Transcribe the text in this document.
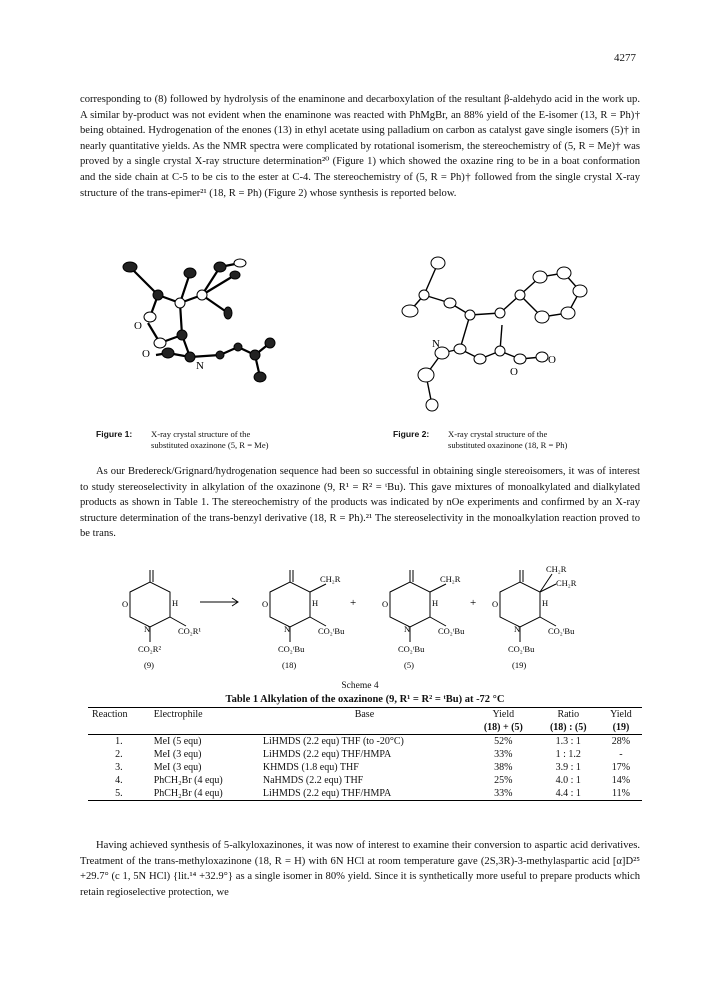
4277

corresponding to (8) followed by hydrolysis of the enaminone and decarboxylation of the resultant β-aldehydo acid in the work up. A similar by-product was not evident when the enaminone was reacted with PhMgBr, an 88% yield of the E-isomer (13, R = Ph)† being obtained. Hydrogenation of the enones (13) in ethyl acetate using palladium on carbon as catalyst gave single isomers (5)† in nearly quantitative yields. As the NMR spectra were complicated by rotational isomerism, the stereochemistry of (5, R = Me)† was proved by a single crystal X-ray structure determination²⁰ (Figure 1) which showed the oxazine ring to be in a boat conformation and the side chain at C-5 to be cis to the ester at C-4. The stereochemistry of (5, R = Ph)† followed from the single crystal X-ray structure of the trans-epimer²¹ (18, R = Ph) (Figure 2) whose synthesis is reported below.

O
O
N
N
O
O
Figure 1: X-ray crystal structure of the
substituted oxazinone (5, R = Me)
Figure 2: X-ray crystal structure of the
substituted oxazinone (18, R = Ph)

As our Bredereck/Grignard/hydrogenation sequence had been so successful in obtaining single stereoisomers, it was of interest to study stereoselectivity in alkylation of the oxazinone (9, R¹ = R² = ᵗBu). This gave mixtures of monoalkylated and dialkylated products as shown in Table 1. The stereochemistry of the products was indicated by nOe experiments and confirmed by an X-ray structure determination of the trans-benzyl derivative (18, R = Ph).²¹ The stereoselectivity in the monoalkylation reaction proved to be trans.

O
N
H
CO₂R¹
CO₂R²
(9)
O
N
H
CH₂R
CO₂ᵗBu
CO₂ᵗBu
(18)
+	O
N
H
CH₂R
CO₂ᵗBu
CO₂ᵗBu
(5)
+ O
N
H
CH₂R
CH₂R
CO₂ᵗBu
CO₂ᵗBu
(19)
Scheme 4
Table 1 Alkylation of the oxazinone (9, R¹ = R² = ᵗBu) at -72 °C
Reaction	Electrophile	Base	Yield	Ratio	Yield
			(18) + (5)	(18) : (5)	(19)
1.	MeI (5 equ)	LiHMDS (2.2 equ) THF (to -20°C)	52%	1.3 : 1	28%
2.	MeI (3 equ)	LiHMDS (2.2 equ) THF/HMPA	33%	1 : 1.2	-
3.	MeI (3 equ)	KHMDS (1.8 equ) THF	38%	3.9 : 1	17%
4.	PhCH₂Br (4 equ)	NaHMDS (2.2 equ) THF	25%	4.0 : 1	14%
5.	PhCH₂Br (4 equ)	LiHMDS (2.2 equ) THF/HMPA	33%	4.4 : 1	11%

Having achieved synthesis of 5-alkyloxazinones, it was now of interest to examine their conversion to aspartic acid derivatives. Treatment of the trans-methyloxazinone (18, R = H) with 6N HCl at room temperature gave (2S,3R)-3-methylaspartic acid [α]D²⁵ +29.7° (c 1, 5N HCl) {lit.¹⁴ +32.9°} as a single isomer in 80% yield. Since it is synthetically more useful to prepare products which retain regioselective protection, we
